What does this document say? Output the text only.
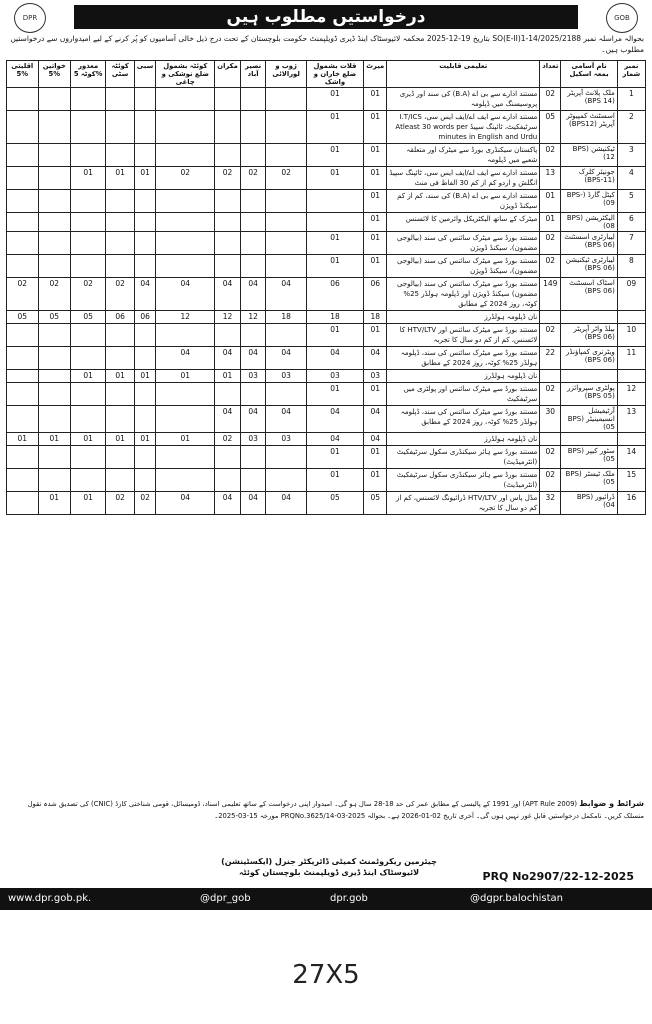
DPR	درخواستیں مطلوب ہیں	GOB
بحوالہ مراسلہ نمبر SO(E-II)1-14/2025/2188 بتاریخ 19-12-2025 محکمہ لائیوسٹاک اینڈ ڈیری ڈویلپمنٹ حکومت بلوچستان کے تحت درج ذیل خالی آسامیوں کو پُر کرنے کے لیے امیدواروں سے درخواستیں مطلوب ہیں۔
اقلیتی 5%	خواتین 5%	معذور کوٹہ 5%	کوئٹہ سٹی	سبی	کوئٹہ بشمول ضلع نوشکی و چاغی	مکران	نصیر آباد	ژوب و لورالائی	قلات بشمول ضلع خاران و واشک	میرٹ	تعلیمی قابلیت	تعداد	نام آسامی بمعہ اسکیل	نمبر شمار
									01	01	مستند ادارے سے بی اے (B.A) کی سند اور ڈیری پروسیسنگ میں ڈپلومہ	02	ملک پلانٹ آپریٹر (BPS 14)	1
									01	01	مستند ادارے سے ایف اے/ایف ایس سی، I.T/ICS سرٹیفکیٹ، ٹائپنگ سپیڈ Atleast 30 words per minutes in English and Urdu	05	اسسٹنٹ کمپیوٹر آپریٹر (BPS12)	2
									01	01	پاکستان سیکنڈری بورڈ سے میٹرک اور متعلقہ شعبے میں ڈپلومہ	02	ٹیکنیشن (BPS 12)	3
		01	01	01	02	02	02	02	01	01	مستند ادارے سے ایف اے/ایف ایس سی، ٹائپنگ سپیڈ انگلش و اردو کم از کم 30 الفاظ فی منٹ	13	جونیئر کلرک (BPS-11)	4
										01	مستند ادارے سے بی اے (B.A) کی سند، کم از کم سیکنڈ ڈویژن	01	کیٹل گارڈ (BPS-09)	5
										01	میٹرک کے ساتھ الیکٹریکل وائرمین کا لائسنس	01	الیکٹریشن (BPS 08)	6
									01	01	مستند بورڈ سے میٹرک سائنس کی سند (بیالوجی مضمون)، سیکنڈ ڈویژن	02	لیبارٹری اسسٹنٹ (BPS 06)	7
									01	01	مستند بورڈ سے میٹرک سائنس کی سند (بیالوجی مضمون)، سیکنڈ ڈویژن	02	لیبارٹری ٹیکنیشن (BPS 06)	8
02	02	02	02	04	04	04	04	04	06	06	مستند بورڈ سے میٹرک سائنس کی سند (بیالوجی مضمون) سیکنڈ ڈویژن اور ڈپلومہ ہولڈر 25% کوٹہ، روز 2024 کے مطابق	149	اسٹاک اسسٹنٹ (BPS 06)	09
05	05	05	06	06	12	12	12	18	18	18	نان ڈپلومہ ہولڈرز			
									01	01	مستند بورڈ سے میٹرک سائنس اور HTV/LTV کا لائسنس، کم از کم دو سال کا تجربہ	02	بیلڈ واٹر آپریٹر (BPS 06)	10
					04	04	04	04	04	04	مستند بورڈ سے میٹرک سائنس کی سند، ڈپلومہ ہولڈر 25% کوٹہ، روز 2024 کے مطابق	22	ویٹرنری کمپاؤنڈر (BPS 06)	11
		01	01	01	01	01	03	03	03	03	نان ڈپلومہ ہولڈرز			
									01	01	مستند بورڈ سے میٹرک سائنس اور پولٹری میں سرٹیفکیٹ	02	پولٹری سپروائزر (BPS 05)	12
						04	04	04	04	04	مستند بورڈ سے میٹرک سائنس کی سند، ڈپلومہ ہولڈر 25% کوٹہ، روز 2024 کے مطابق	30	آرٹیفیشل انسیمینیٹر (BPS 05)	13
01	01	01	01	01	01	02	03	03	04	04	نان ڈپلومہ ہولڈرز			
									01	01	مستند بورڈ سے ہائر سیکنڈری سکول سرٹیفکیٹ (انٹرمیڈیٹ)	02	سٹور کیپر (BPS 05)	14
									01	01	مستند بورڈ سے ہائر سیکنڈری سکول سرٹیفکیٹ (انٹرمیڈیٹ)	02	ملک ٹیسٹر (BPS 05)	15
	01	01	02	02	04	04	04	04	05	05	مڈل پاس اور HTV/LTV ڈرائیونگ لائسنس، کم از کم دو سال کا تجربہ	32	ڈرائیور (BPS 04)	16
شرائط و ضوابط (APT Rule 2009) اور 1991 کے پالیسی کے مطابق عمر کی حد 18-28 سال ہو گی۔ امیدوار اپنی درخواست کے ساتھ تعلیمی اسناد، ڈومیسائل، قومی شناختی کارڈ (CNIC) کی تصدیق شدہ نقول منسلک کریں۔ نامکمل درخواستیں قابلِ غور نہیں ہوں گی۔ آخری تاریخ 02-01-2026 ہے۔ بحوالہ PRQNo.3625/14-03-2025 مورخہ 15-03-2025۔
چیئرمین ریکروٹمنٹ کمیٹی ڈائریکٹر جنرل (ایکسٹینشن)
لائیوسٹاک اینڈ ڈیری ڈویلپمنٹ بلوچستان کوئٹہ	PRQ No2907/22-12-2025
www.dpr.gob.pk.	@dpr_gob	dpr.gob	@dgpr.balochistan
27X5
